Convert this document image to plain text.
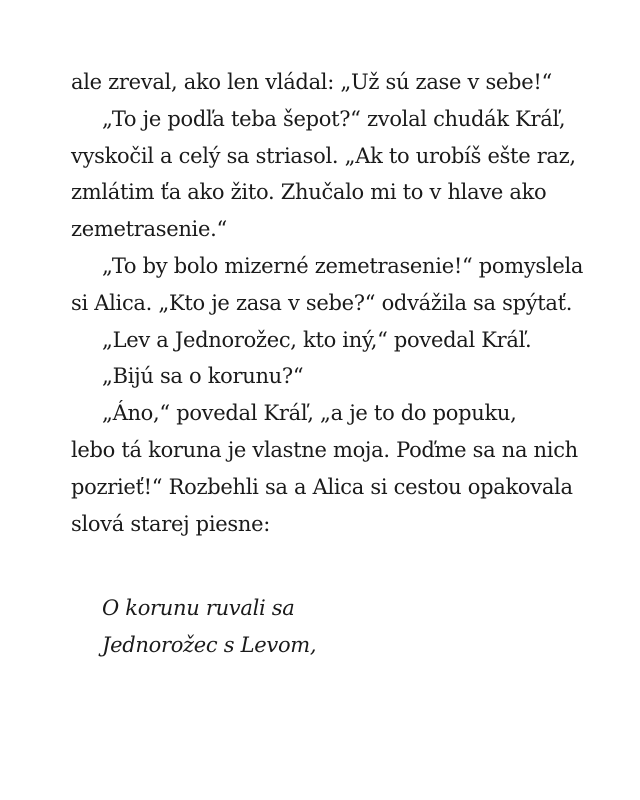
ale zreval, ako len vládal: „Už sú zase v sebe!“
„To je podľa teba šepot?“ zvolal chudák Kráľ,
vyskočil a celý sa striasol. „Ak to urobíš ešte raz,
zmlátim ťa ako žito. Zhučalo mi to v hlave ako
zemetrasenie.“
„To by bolo mizerné zemetrasenie!“ pomyslela
si Alica. „Kto je zasa v sebe?“ odvážila sa spýtať.
„Lev a Jednorožec, kto iný,“ povedal Kráľ.
„Bijú sa o korunu?“
„Áno,“ povedal Kráľ, „a je to do popuku,
lebo tá koruna je vlastne moja. Poďme sa na nich
pozrieť!“ Rozbehli sa a Alica si cestou opakovala
slová starej piesne:
O korunu ruvali sa
Jednorožec s Levom,
